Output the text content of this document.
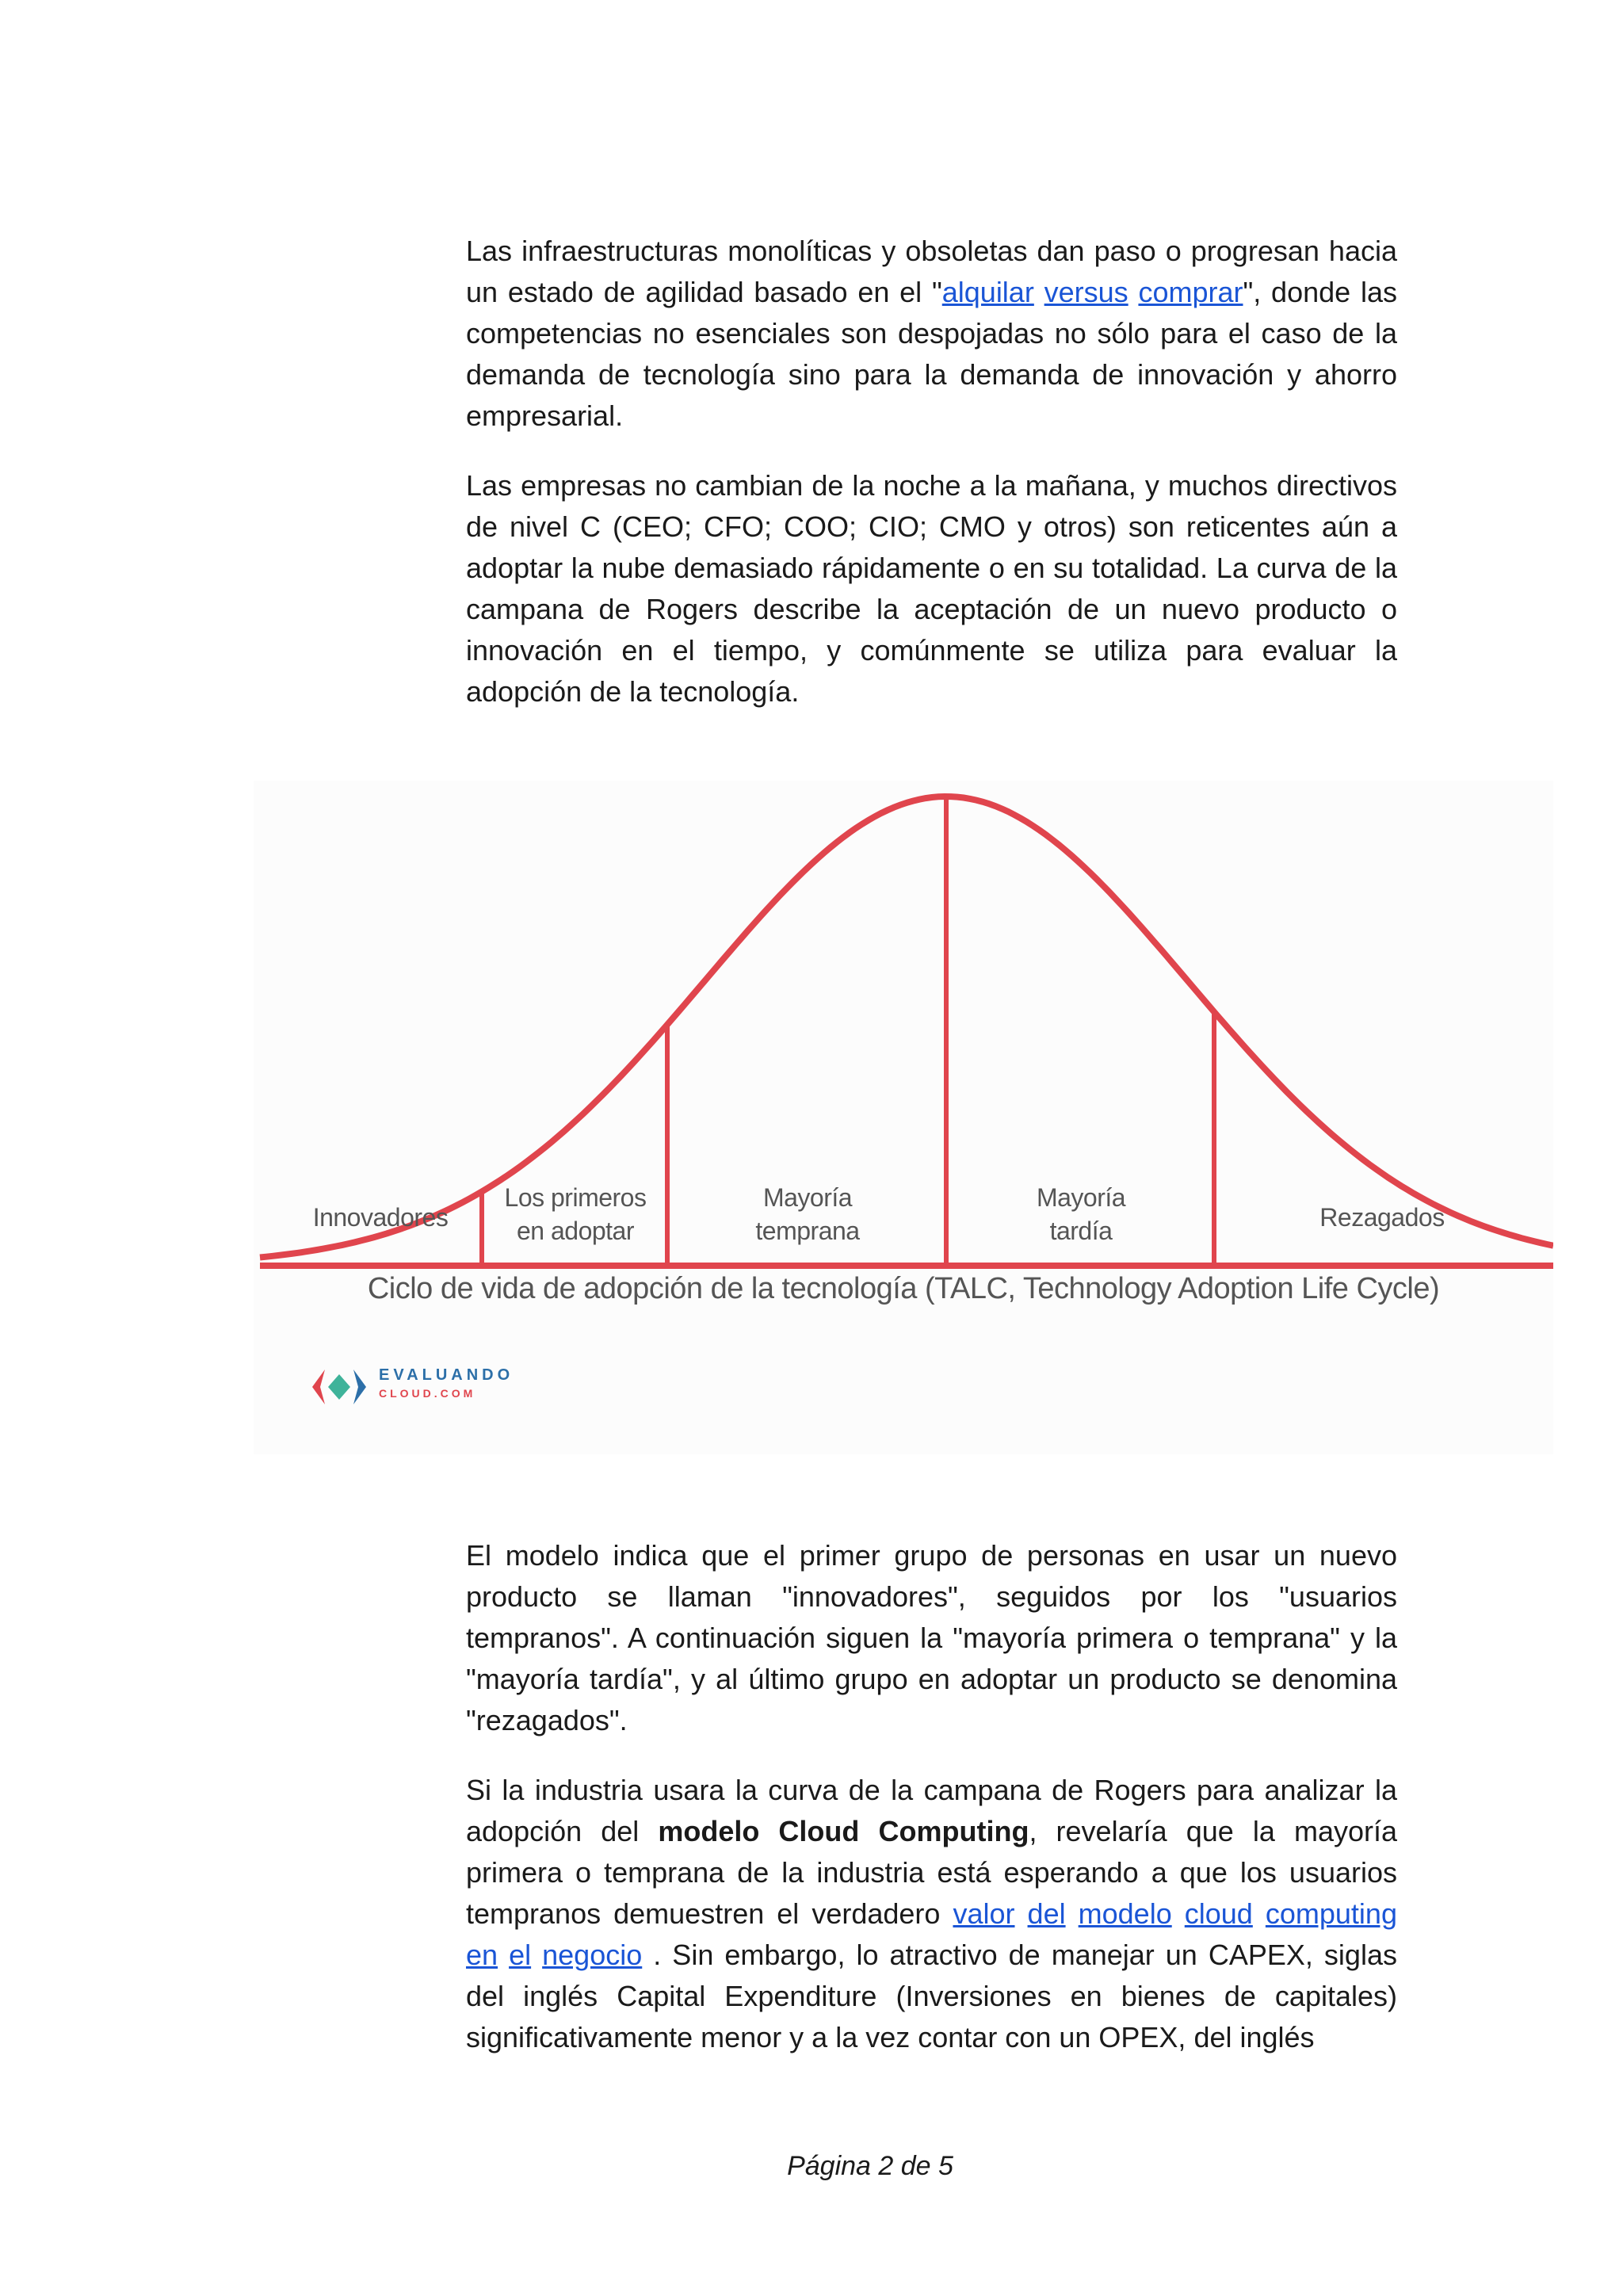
Las infraestructuras monolíticas y obsoletas dan paso o progresan hacia un estado de agilidad basado en el "alquilar versus comprar", donde las competencias no esenciales son despojadas no sólo para el caso de la demanda de tecnología sino para la demanda de innovación y ahorro empresarial.

Las empresas no cambian de la noche a la mañana, y muchos directivos de nivel C (CEO; CFO; COO; CIO; CMO y otros) son reticentes aún a adoptar la nube demasiado rápidamente o en su totalidad. La curva de la campana de Rogers describe la aceptación de un nuevo producto o innovación en el tiempo, y comúnmente se utiliza para evaluar la adopción de la tecnología.

Innovadores
Los primeros
en adoptar
Mayoría
temprana
Mayoría
tardía	Rezagados
Ciclo de vida de adopción de la tecnología (TALC, Technology Adoption Life Cycle)
EVALUANDO
CLOUD.COM

El modelo indica que el primer grupo de personas en usar un nuevo producto se llaman "innovadores", seguidos por los "usuarios tempranos". A continuación siguen la "mayoría primera o temprana" y la "mayoría tardía", y al último grupo en adoptar un producto se denomina "rezagados".

Si la industria usara la curva de la campana de Rogers para analizar la adopción del modelo Cloud Computing, revelaría que la mayoría primera o temprana de la industria está esperando a que los usuarios tempranos demuestren el verdadero valor del modelo cloud computing en el negocio . Sin embargo, lo atractivo de manejar un CAPEX, siglas del inglés Capital Expenditure (Inversiones en bienes de capitales) significativamente menor y a la vez contar con un OPEX, del inglés

Página 2 de 5
